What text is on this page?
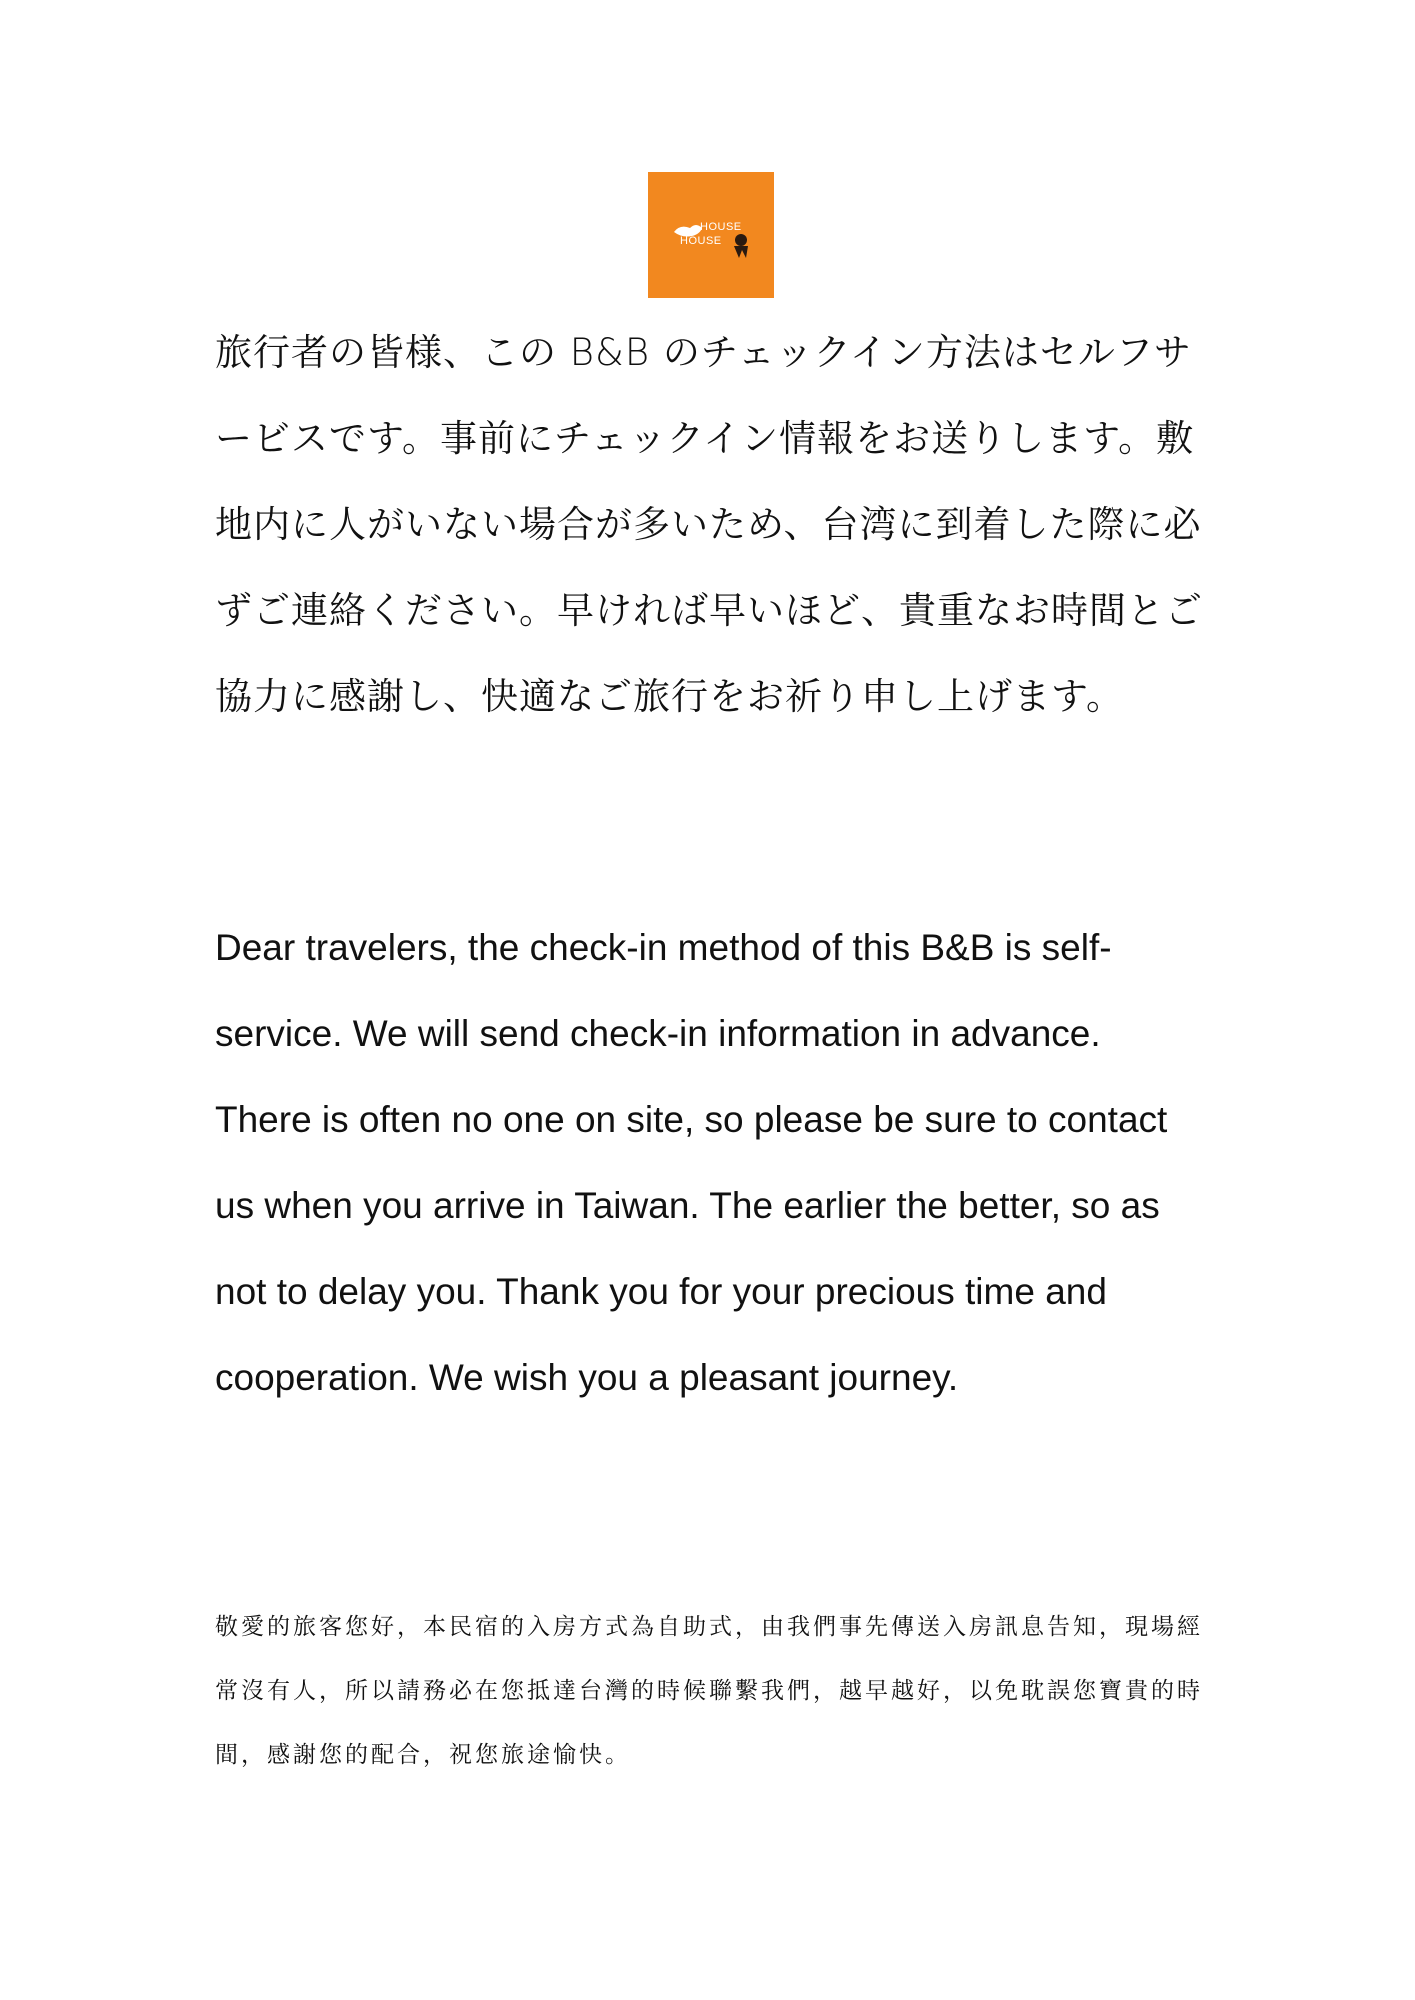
HOUSE
HOUSE

旅行者の皆様、この B&B のチェックイン方法はセルフサービスです。事前にチェックイン情報をお送りします。敷地内に人がいない場合が多いため、台湾に到着した際に必ずご連絡ください。早ければ早いほど、貴重なお時間とご協力に感謝し、快適なご旅行をお祈り申し上げます。

Dear travelers, the check-in method of this B&B is self-service. We will send check-in information in advance. There is often no one on site, so please be sure to contact us when you arrive in Taiwan. The earlier the better, so as not to delay you. Thank you for your precious time and cooperation. We wish you a pleasant journey.

敬愛的旅客您好，本民宿的入房方式為自助式，由我們事先傳送入房訊息告知，現場經常沒有人，所以請務必在您抵達台灣的時候聯繫我們，越早越好，以免耽誤您寶貴的時間，感謝您的配合，祝您旅途愉快。
